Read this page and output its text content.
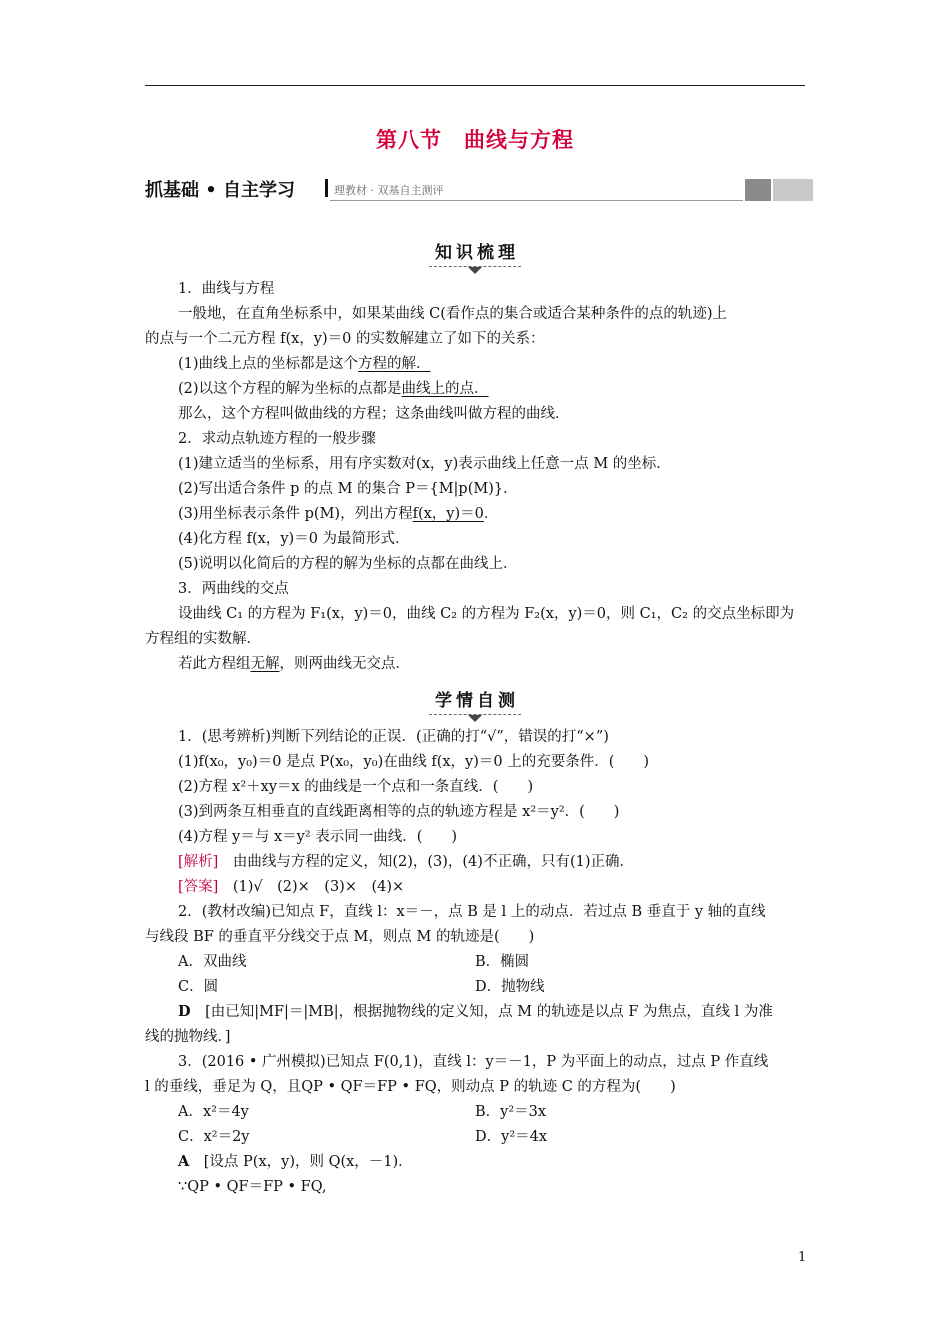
第八节　曲线与方程
抓基础 • 自主学习	理教材 · 双基自主测评
知识梳理
1．曲线与方程
一般地，在直角坐标系中，如果某曲线 C(看作点的集合或适合某种条件的点的轨迹)上
的点与一个二元方程 f(x，y)＝0 的实数解建立了如下的关系：
(1)曲线上点的坐标都是这个方程的解．
(2)以这个方程的解为坐标的点都是曲线上的点．
那么，这个方程叫做曲线的方程；这条曲线叫做方程的曲线．
2．求动点轨迹方程的一般步骤
(1)建立适当的坐标系，用有序实数对(x，y)表示曲线上任意一点 M 的坐标．
(2)写出适合条件 p 的点 M 的集合 P＝{M|p(M)}．
(3)用坐标表示条件 p(M)，列出方程f(x，y)＝0．
(4)化方程 f(x，y)＝0 为最简形式．
(5)说明以化简后的方程的解为坐标的点都在曲线上．
3．两曲线的交点
设曲线 C₁ 的方程为 F₁(x，y)＝0，曲线 C₂ 的方程为 F₂(x，y)＝0，则 C₁，C₂ 的交点坐标即为
方程组的实数解．
若此方程组无解，则两曲线无交点．
学情自测
1．(思考辨析)判断下列结论的正误．(正确的打“√”，错误的打“×”)
(1)f(x₀，y₀)＝0 是点 P(x₀，y₀)在曲线 f(x，y)＝0 上的充要条件．(　　)
(2)方程 x²＋xy＝x 的曲线是一个点和一条直线．(　　)
(3)到两条互相垂直的直线距离相等的点的轨迹方程是 x²＝y²．(　　)
(4)方程 y＝与 x＝y² 表示同一曲线．(　　)
[解析]　由曲线与方程的定义，知(2)，(3)，(4)不正确，只有(1)正确．
[答案]　(1)√　(2)×　(3)×　(4)×
2．(教材改编)已知点 F，直线 l：x＝－，点 B 是 l 上的动点．若过点 B 垂直于 y 轴的直线
与线段 BF 的垂直平分线交于点 M，则点 M 的轨迹是(　　)
A．双曲线	B．椭圆
C．圆	D．抛物线
D　[由已知|MF|＝|MB|，根据抛物线的定义知，点 M 的轨迹是以点 F 为焦点，直线 l 为准
线的抛物线．]
3．(2016 • 广州模拟)已知点 F(0,1)，直线 l：y＝－1，P 为平面上的动点，过点 P 作直线
l 的垂线，垂足为 Q，且QP • QF＝FP • FQ，则动点 P 的轨迹 C 的方程为(　　)
A．x²＝4y	B．y²＝3x
C．x²＝2y	D．y²＝4x
A　[设点 P(x，y)，则 Q(x，－1)．
∵QP • QF＝FP • FQ,
1
